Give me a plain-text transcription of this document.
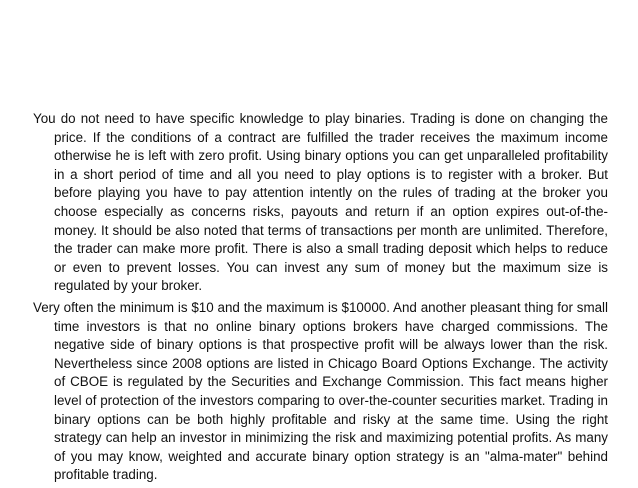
You do not need to have specific knowledge to play binaries. Trading is done on changing the price. If the conditions of a contract are fulfilled the trader receives the maximum income otherwise he is left with zero profit. Using binary options you can get unparalleled profitability in a short period of time and all you need to play options is to register with a broker. But before playing you have to pay attention intently on the rules of trading at the broker you choose especially as concerns risks, payouts and return if an option expires out-of-the-money. It should be also noted that terms of transactions per month are unlimited. Therefore, the trader can make more profit. There is also a small trading deposit which helps to reduce or even to prevent losses. You can invest any sum of money but the maximum size is regulated by your broker.

Very often the minimum is $10 and the maximum is $10000. And another pleasant thing for small time investors is that no online binary options brokers have charged commissions. The negative side of binary options is that prospective profit will be always lower than the risk. Nevertheless since 2008 options are listed in Chicago Board Options Exchange. The activity of CBOE is regulated by the Securities and Exchange Commission. This fact means higher level of protection of the investors comparing to over-the-counter securities market. Trading in binary options can be both highly profitable and risky at the same time. Using the right strategy can help an investor in minimizing the risk and maximizing potential profits. As many of you may know, weighted and accurate binary option strategy is an "alma-mater" behind profitable trading.
